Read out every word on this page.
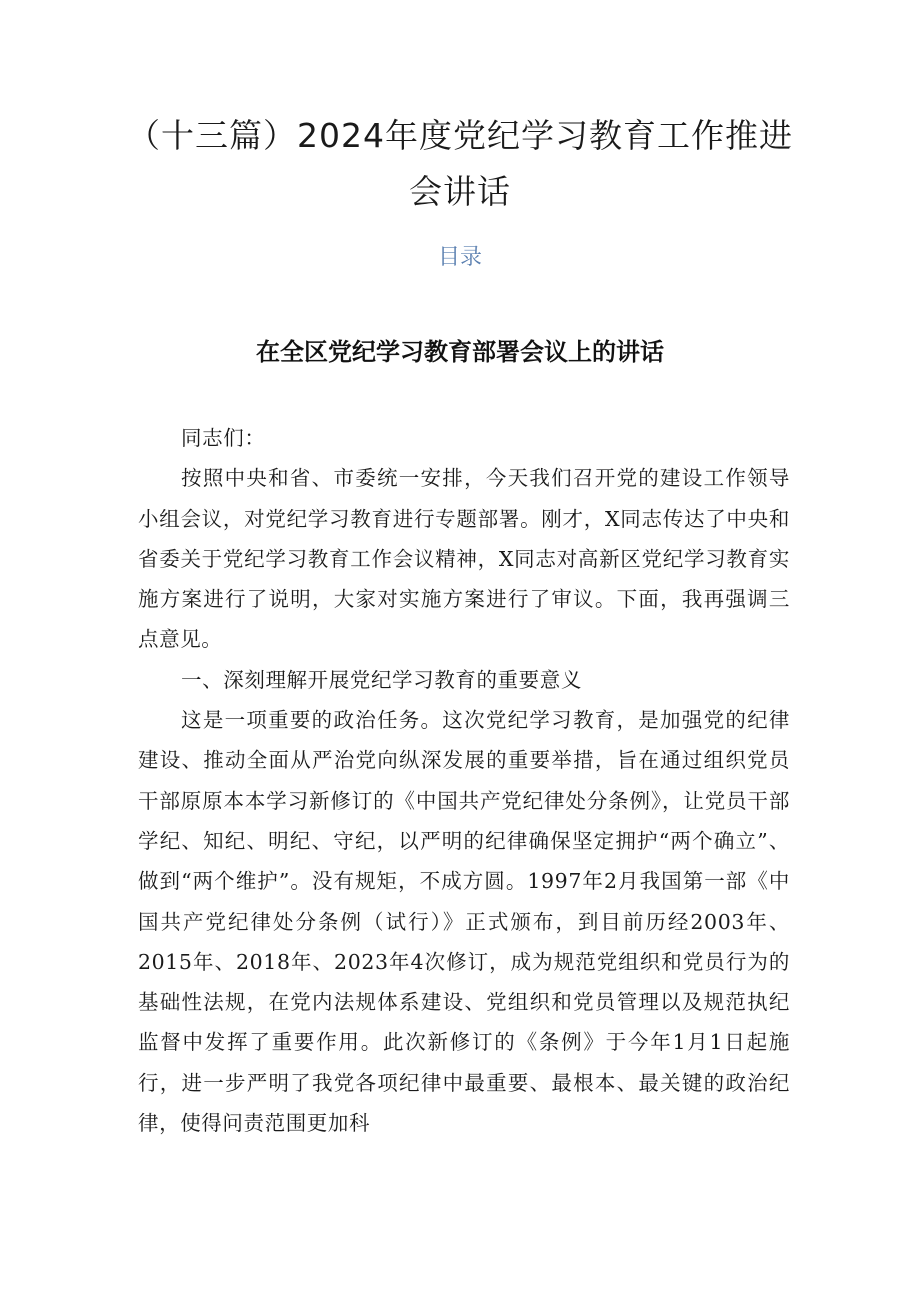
（十三篇）2024年度党纪学习教育工作推进会讲话
目录
在全区党纪学习教育部署会议上的讲话

同志们：

按照中央和省、市委统一安排，今天我们召开党的建设工作领导小组会议，对党纪学习教育进行专题部署。刚才，X同志传达了中央和省委关于党纪学习教育工作会议精神，X同志对高新区党纪学习教育实施方案进行了说明，大家对实施方案进行了审议。下面，我再强调三点意见。

一、深刻理解开展党纪学习教育的重要意义

这是一项重要的政治任务。这次党纪学习教育，是加强党的纪律建设、推动全面从严治党向纵深发展的重要举措，旨在通过组织党员干部原原本本学习新修订的《中国共产党纪律处分条例》，让党员干部学纪、知纪、明纪、守纪，以严明的纪律确保坚定拥护“两个确立”、做到“两个维护”。没有规矩，不成方圆。1997年2月我国第一部《中国共产党纪律处分条例（试行）》正式颁布，到目前历经2003年、2015年、2018年、2023年4次修订，成为规范党组织和党员行为的基础性法规，在党内法规体系建设、党组织和党员管理以及规范执纪监督中发挥了重要作用。此次新修订的《条例》于今年1月1日起施行，进一步严明了我党各项纪律中最重要、最根本、最关键的政治纪律，使得问责范围更加科
